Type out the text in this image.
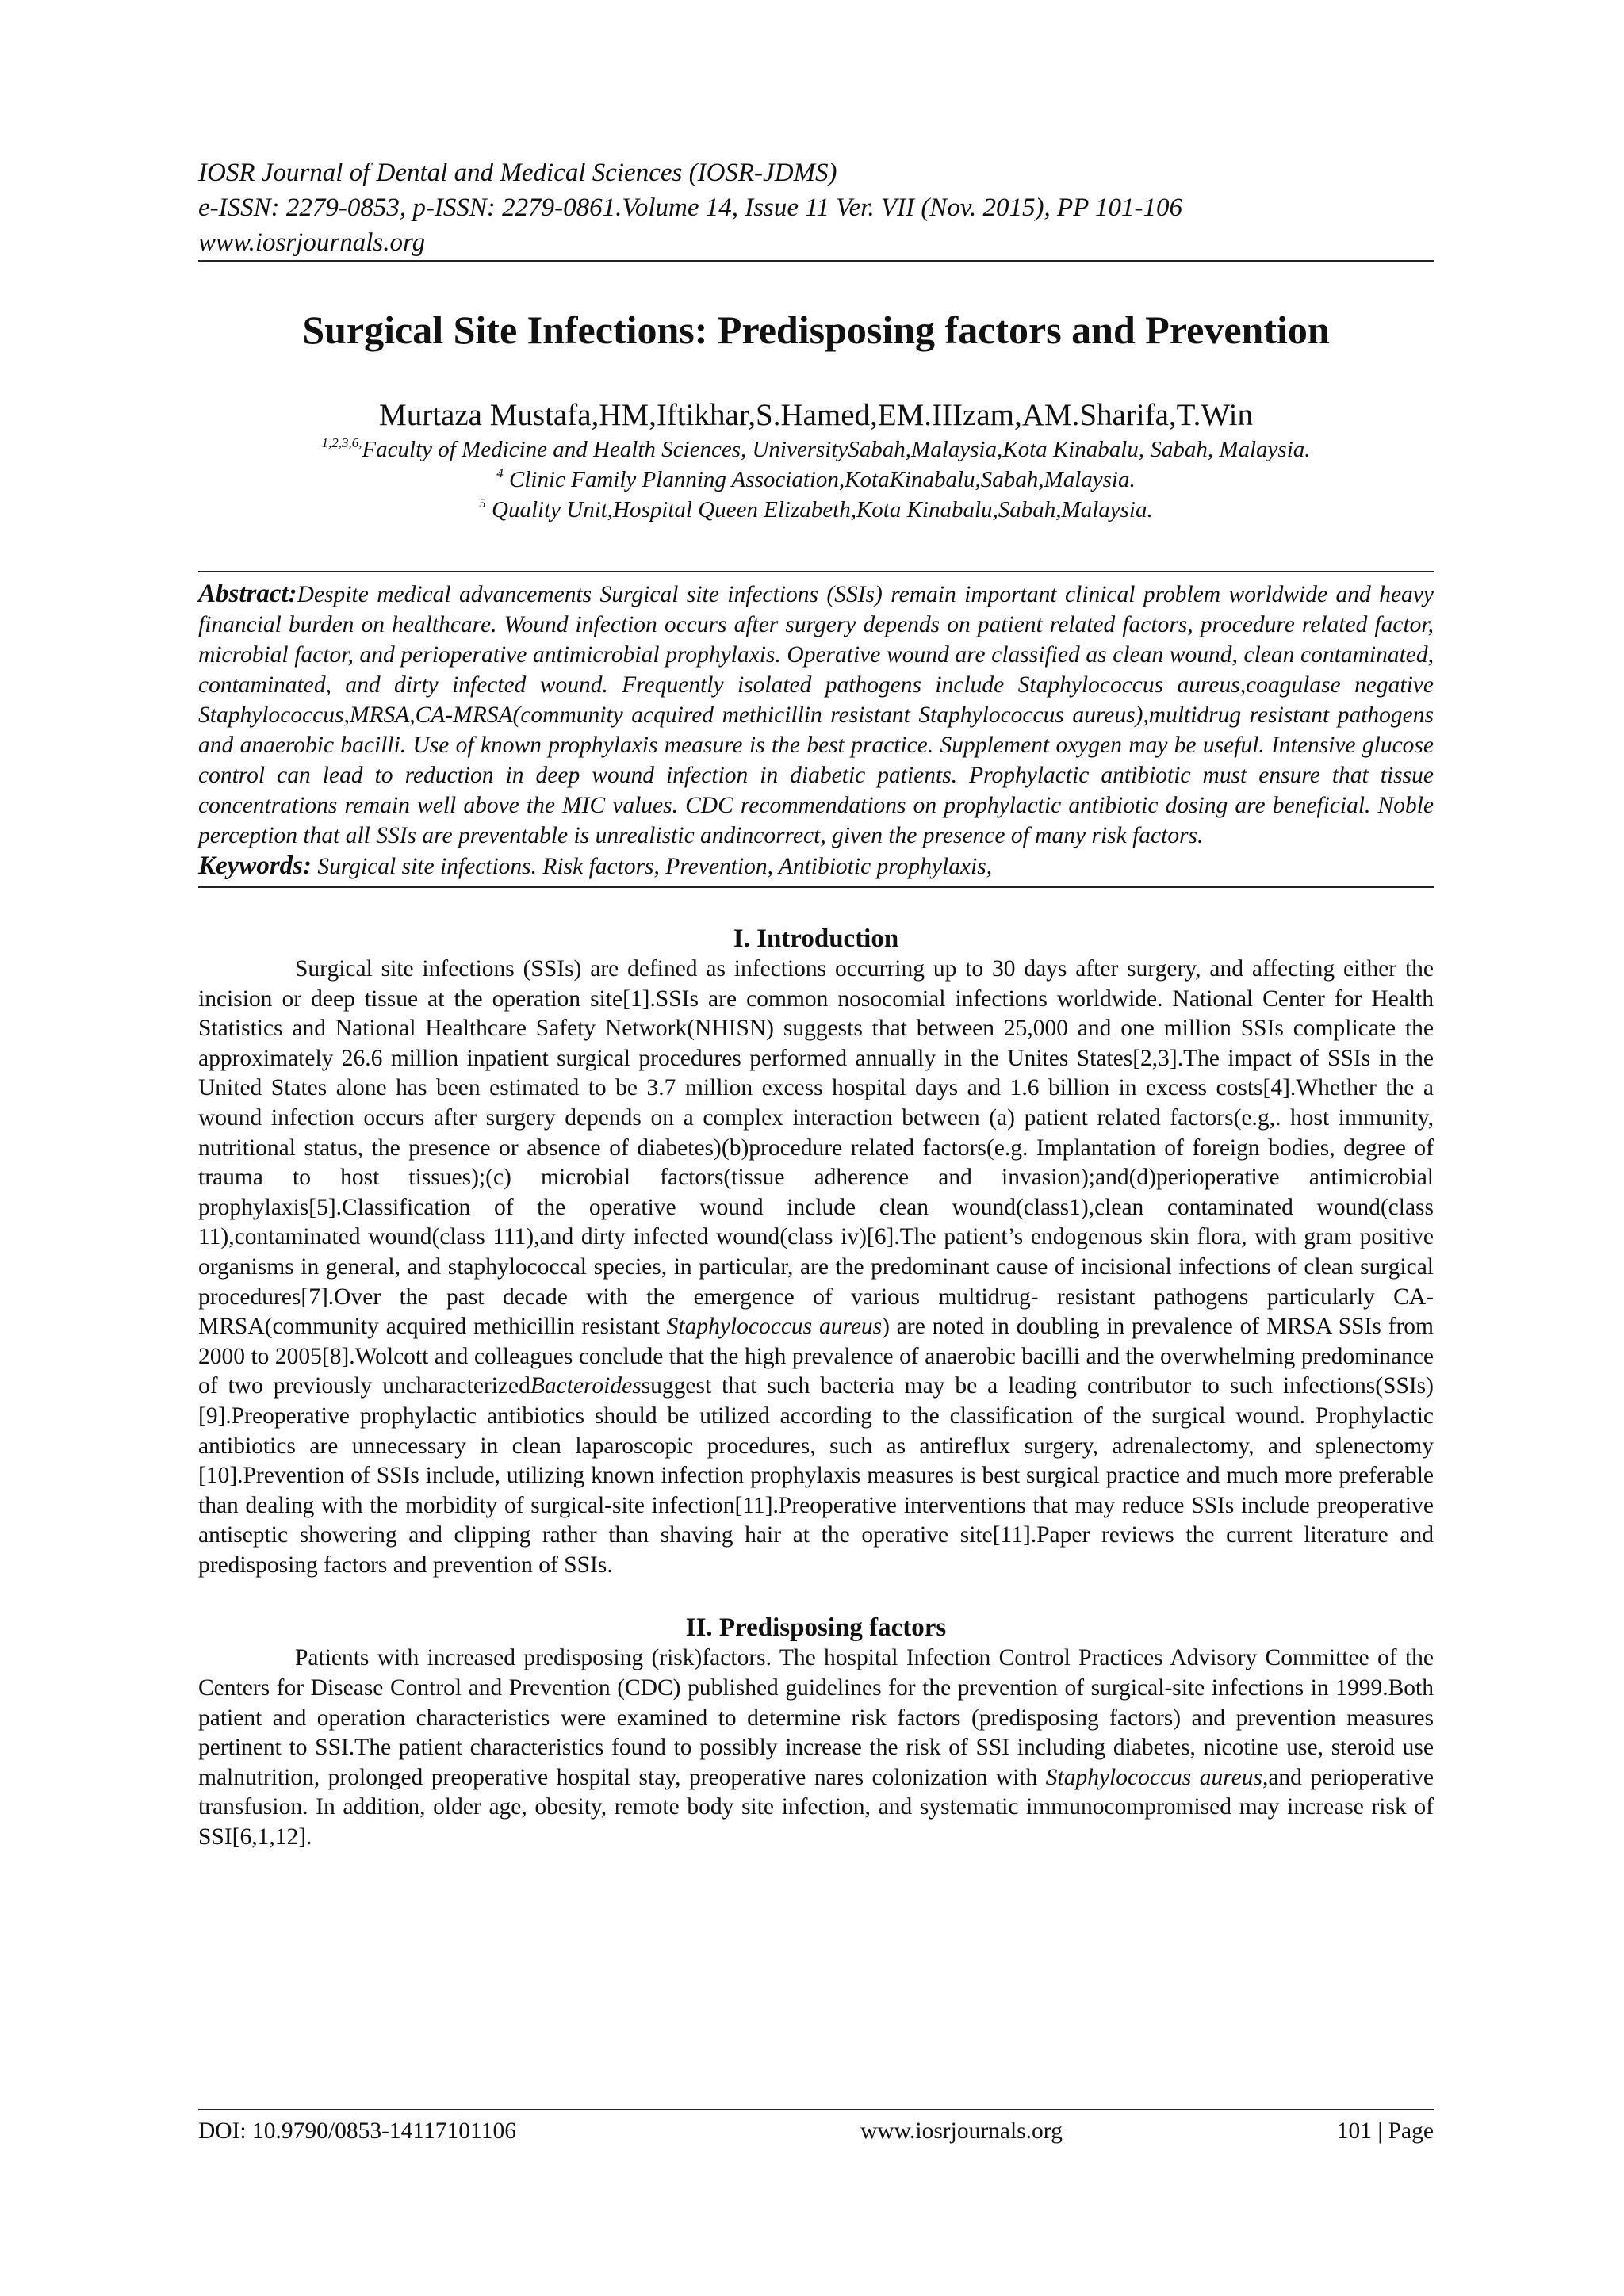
IOSR Journal of Dental and Medical Sciences (IOSR-JDMS)

e-ISSN: 2279-0853, p-ISSN: 2279-0861.Volume 14, Issue 11 Ver. VII (Nov. 2015), PP 101-106

www.iosrjournals.org

Surgical Site Infections: Predisposing factors and Prevention

Murtaza Mustafa,HM,Iftikhar,S.Hamed,EM.IIIzam,AM.Sharifa,T.Win

$^{1,2,3,6,}$Faculty of Medicine and Health Sciences, UniversitySabah,Malaysia,Kota Kinabalu, Sabah, Malaysia.

$^4$ Clinic Family Planning Association,KotaKinabalu,Sabah,Malaysia.

$^5$ Quality Unit,Hospital Queen Elizabeth,Kota Kinabalu,Sabah,Malaysia.

Abstract:Despite medical advancements Surgical site infections (SSIs) remain important clinical problem worldwide and heavy financial burden on healthcare. Wound infection occurs after surgery depends on patient related factors, procedure related factor, microbial factor, and perioperative antimicrobial prophylaxis. Operative wound are classified as clean wound, clean contaminated, contaminated, and dirty infected wound. Frequently isolated pathogens include Staphylococcus aureus,coagulase negative Staphylococcus,MRSA,CA-MRSA(community acquired methicillin resistant Staphylococcus aureus),multidrug resistant pathogens and anaerobic bacilli. Use of known prophylaxis measure is the best practice. Supplement oxygen may be useful. Intensive glucose control can lead to reduction in deep wound infection in diabetic patients. Prophylactic antibiotic must ensure that tissue concentrations remain well above the MIC values. CDC recommendations on prophylactic antibiotic dosing are beneficial. Noble perception that all SSIs are preventable is unrealistic andincorrect, given the presence of many risk factors.

Keywords: Surgical site infections. Risk factors, Prevention, Antibiotic prophylaxis,

I. Introduction

Surgical site infections (SSIs) are defined as infections occurring up to 30 days after surgery, and affecting either the incision or deep tissue at the operation site[1].SSIs are common nosocomial infections worldwide. National Center for Health Statistics and National Healthcare Safety Network(NHISN) suggests that between 25,000 and one million SSIs complicate the approximately 26.6 million inpatient surgical procedures performed annually in the Unites States[2,3].The impact of SSIs in the United States alone has been estimated to be 3.7 million excess hospital days and 1.6 billion in excess costs[4].Whether the a wound infection occurs after surgery depends on a complex interaction between (a) patient related factors(e.g,. host immunity, nutritional status, the presence or absence of diabetes)(b)procedure related factors(e.g. Implantation of foreign bodies, degree of trauma to host tissues);(c) microbial factors(tissue adherence and invasion);and(d)perioperative antimicrobial prophylaxis[5].Classification of the operative wound include clean wound(class1),clean contaminated wound(class 11),contaminated wound(class 111),and dirty infected wound(class iv)[6].The patient’s endogenous skin flora, with gram positive organisms in general, and staphylococcal species, in particular, are the predominant cause of incisional infections of clean surgical procedures[7].Over the past decade with the emergence of various multidrug- resistant pathogens particularly CA-MRSA(community acquired methicillin resistant Staphylococcus aureus) are noted in doubling in prevalence of MRSA SSIs from 2000 to 2005[8].Wolcott and colleagues conclude that the high prevalence of anaerobic bacilli and the overwhelming predominance of two previously uncharacterizedBacteroidessuggest that such bacteria may be a leading contributor to such infections(SSIs)[9].Preoperative prophylactic antibiotics should be utilized according to the classification of the surgical wound. Prophylactic antibiotics are unnecessary in clean laparoscopic procedures, such as antireflux surgery, adrenalectomy, and splenectomy [10].Prevention of SSIs include, utilizing known infection prophylaxis measures is best surgical practice and much more preferable than dealing with the morbidity of surgical-site infection[11].Preoperative interventions that may reduce SSIs include preoperative antiseptic showering and clipping rather than shaving hair at the operative site[11].Paper reviews the current literature and predisposing factors and prevention of SSIs.

II. Predisposing factors

Patients with increased predisposing (risk)factors. The hospital Infection Control Practices Advisory Committee of the Centers for Disease Control and Prevention (CDC) published guidelines for the prevention of surgical-site infections in 1999.Both patient and operation characteristics were examined to determine risk factors (predisposing factors) and prevention measures pertinent to SSI.The patient characteristics found to possibly increase the risk of SSI including diabetes, nicotine use, steroid use malnutrition, prolonged preoperative hospital stay, preoperative nares colonization with Staphylococcus aureus,and perioperative transfusion. In addition, older age, obesity, remote body site infection, and systematic immunocompromised may increase risk of SSI[6,1,12].

DOI: 10.9790/0853-14117101106	www.iosrjournals.org	101 | Page
